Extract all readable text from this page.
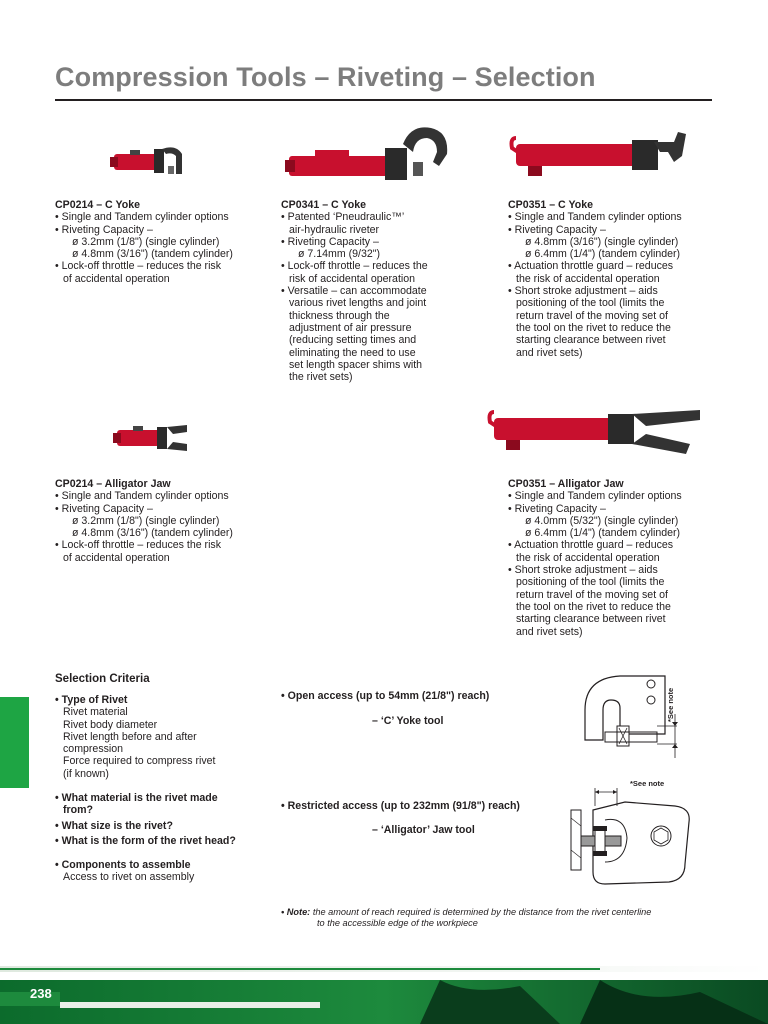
Compression Tools – Riveting – Selection
CP0214 – C Yoke
• Single and Tandem cylinder options
• Riveting Capacity –
ø 3.2mm (1/8") (single cylinder)
ø 4.8mm (3/16") (tandem cylinder)
• Lock-off throttle – reduces the risk
of accidental operation
CP0341 – C Yoke
• Patented ‘Pneudraulic™’
air-hydraulic riveter
• Riveting Capacity –
ø 7.14mm (9/32")
• Lock-off throttle – reduces the
risk of accidental operation
• Versatile – can accommodate
various rivet lengths and joint
thickness through the
adjustment of air pressure
(reducing setting times and
eliminating the need to use
set length spacer shims with
the rivet sets)
CP0351 – C Yoke
• Single and Tandem cylinder options
• Riveting Capacity –
ø 4.8mm (3/16") (single cylinder)
ø 6.4mm (1/4") (tandem cylinder)
• Actuation throttle guard – reduces
the risk of accidental operation
• Short stroke adjustment – aids
positioning of the tool (limits the
return travel of the moving set of
the tool on the rivet to reduce the
starting clearance between rivet
and rivet sets)
CP0214 – Alligator Jaw
• Single and Tandem cylinder options
• Riveting Capacity –
ø 3.2mm (1/8") (single cylinder)
ø 4.8mm (3/16") (tandem cylinder)
• Lock-off throttle – reduces the risk
of accidental operation
CP0351 – Alligator Jaw
• Single and Tandem cylinder options
• Riveting Capacity –
ø 4.0mm (5/32") (single cylinder)
ø 6.4mm (1/4") (tandem cylinder)
• Actuation throttle guard – reduces
the risk of accidental operation
• Short stroke adjustment – aids
positioning of the tool (limits the
return travel of the moving set of
the tool on the rivet to reduce the
starting clearance between rivet
and rivet sets)
Selection Criteria
• Type of Rivet
Rivet material
Rivet body diameter
Rivet length before and after
compression
Force required to compress rivet
(if known)
• What material is the rivet made
from?
• What size is the rivet?
• What is the form of the rivet head?
• Components to assemble
Access to rivet on assembly
• Open access (up to 54mm (21/8") reach)
– ‘C’ Yoke tool
• Restricted access (up to 232mm (91/8") reach)
– ‘Alligator’ Jaw tool
*See note
*See note
• Note: the amount of reach required is determined by the distance from the rivet centerline
to the accessible edge of the workpiece
238
